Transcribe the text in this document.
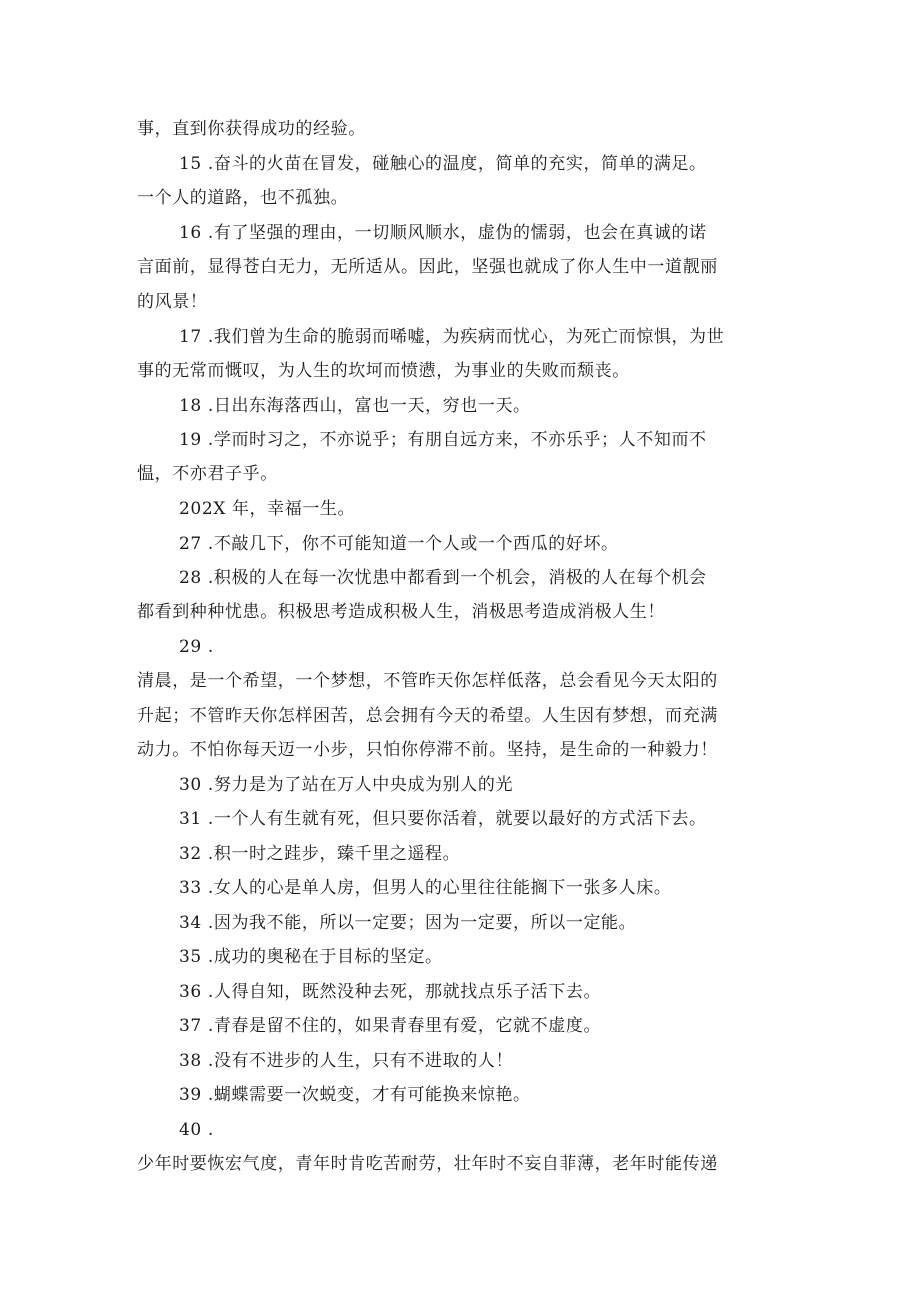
事，直到你获得成功的经验。
15 .奋斗的火苗在冒发，碰触心的温度，简单的充实，简单的满足。
一个人的道路，也不孤独。
16 .有了坚强的理由，一切顺风顺水，虚伪的懦弱，也会在真诚的诺
言面前，显得苍白无力，无所适从。因此，坚强也就成了你人生中一道靓丽
的风景！
17 .我们曾为生命的脆弱而唏嘘，为疾病而忧心，为死亡而惊惧，为世
事的无常而慨叹，为人生的坎坷而愤懑，为事业的失败而颓丧。
18 .日出东海落西山，富也一天，穷也一天。
19 .学而时习之，不亦说乎；有朋自远方来，不亦乐乎；人不知而不
愠，不亦君子乎。
202X 年，幸福一生。
27 .不敲几下，你不可能知道一个人或一个西瓜的好坏。
28 .积极的人在每一次忧患中都看到一个机会，消极的人在每个机会
都看到种种忧患。积极思考造成积极人生，消极思考造成消极人生！
29 .
清晨，是一个希望，一个梦想，不管昨天你怎样低落，总会看见今天太阳的
升起；不管昨天你怎样困苦，总会拥有今天的希望。人生因有梦想，而充满
动力。不怕你每天迈一小步，只怕你停滞不前。坚持，是生命的一种毅力！
30 .努力是为了站在万人中央成为别人的光
31 .一个人有生就有死，但只要你活着，就要以最好的方式活下去。
32 .积一时之跬步，臻千里之遥程。
33 .女人的心是单人房，但男人的心里往往能搁下一张多人床。
34 .因为我不能，所以一定要；因为一定要，所以一定能。
35 .成功的奥秘在于目标的坚定。
36 .人得自知，既然没种去死，那就找点乐子活下去。
37 .青春是留不住的，如果青春里有爱，它就不虚度。
38 .没有不进步的人生，只有不进取的人！
39 .蝴蝶需要一次蜕变，才有可能换来惊艳。
40 .
少年时要恢宏气度，青年时肯吃苦耐劳，壮年时不妄自菲薄，老年时能传递
